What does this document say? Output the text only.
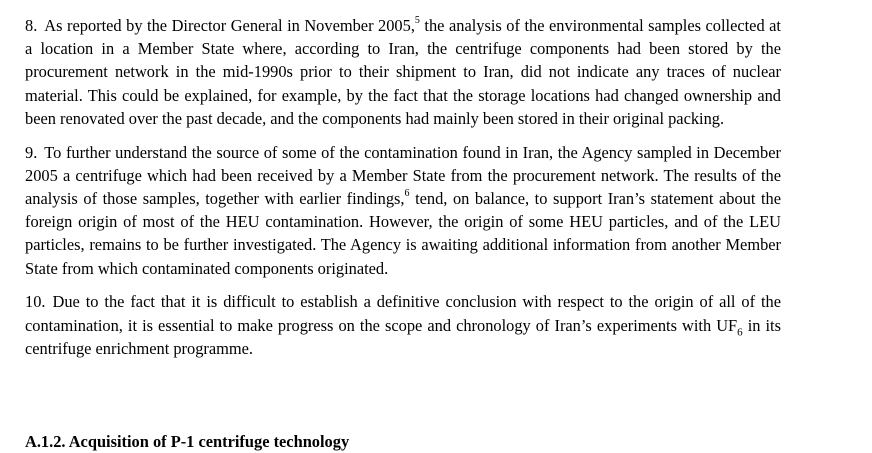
8. As reported by the Director General in November 2005,$^5$ the analysis of the environmental samples collected at a location in a Member State where, according to Iran, the centrifuge components had been stored by the procurement network in the mid-1990s prior to their shipment to Iran, did not indicate any traces of nuclear material. This could be explained, for example, by the fact that the storage locations had changed ownership and been renovated over the past decade, and the components had mainly been stored in their original packing.

9. To further understand the source of some of the contamination found in Iran, the Agency sampled in December 2005 a centrifuge which had been received by a Member State from the procurement network. The results of the analysis of those samples, together with earlier findings,$^6$ tend, on balance, to support Iran’s statement about the foreign origin of most of the HEU contamination. However, the origin of some HEU particles, and of the LEU particles, remains to be further investigated. The Agency is awaiting additional information from another Member State from which contaminated components originated.

10. Due to the fact that it is difficult to establish a definitive conclusion with respect to the origin of all of the contamination, it is essential to make progress on the scope and chronology of Iran’s experiments with $UF_6$ in its centrifuge enrichment programme.

A.1.2. Acquisition of P-1 centrifuge technology
